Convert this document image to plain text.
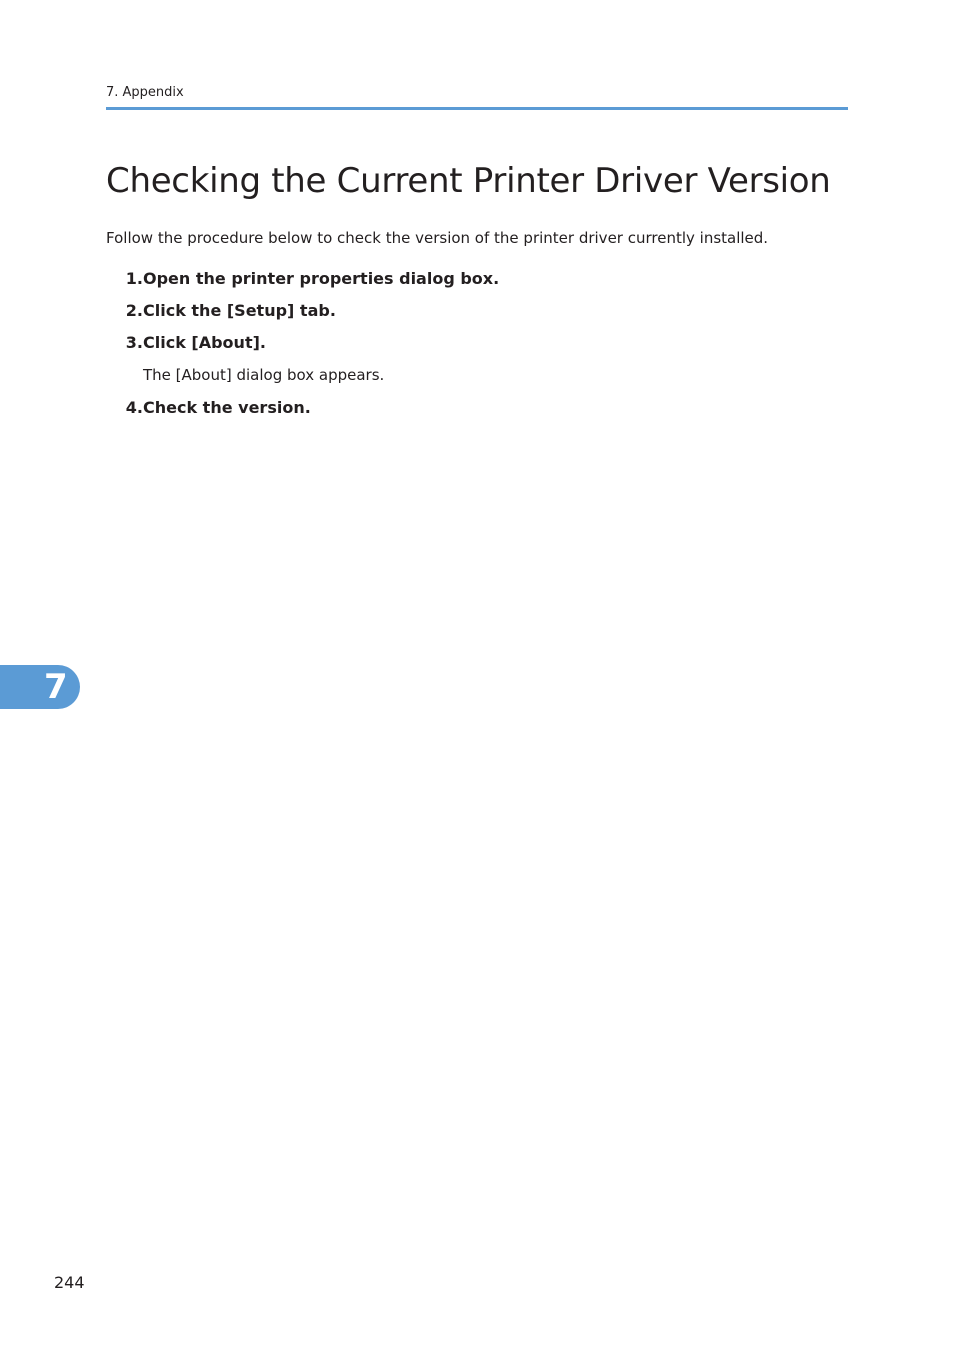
7. Appendix
Checking the Current Printer Driver Version
Follow the procedure below to check the version of the printer driver currently installed.
1. Open the printer properties dialog box.
2. Click the [Setup] tab.
3. Click [About].
The [About] dialog box appears.
4. Check the version.
7
244
